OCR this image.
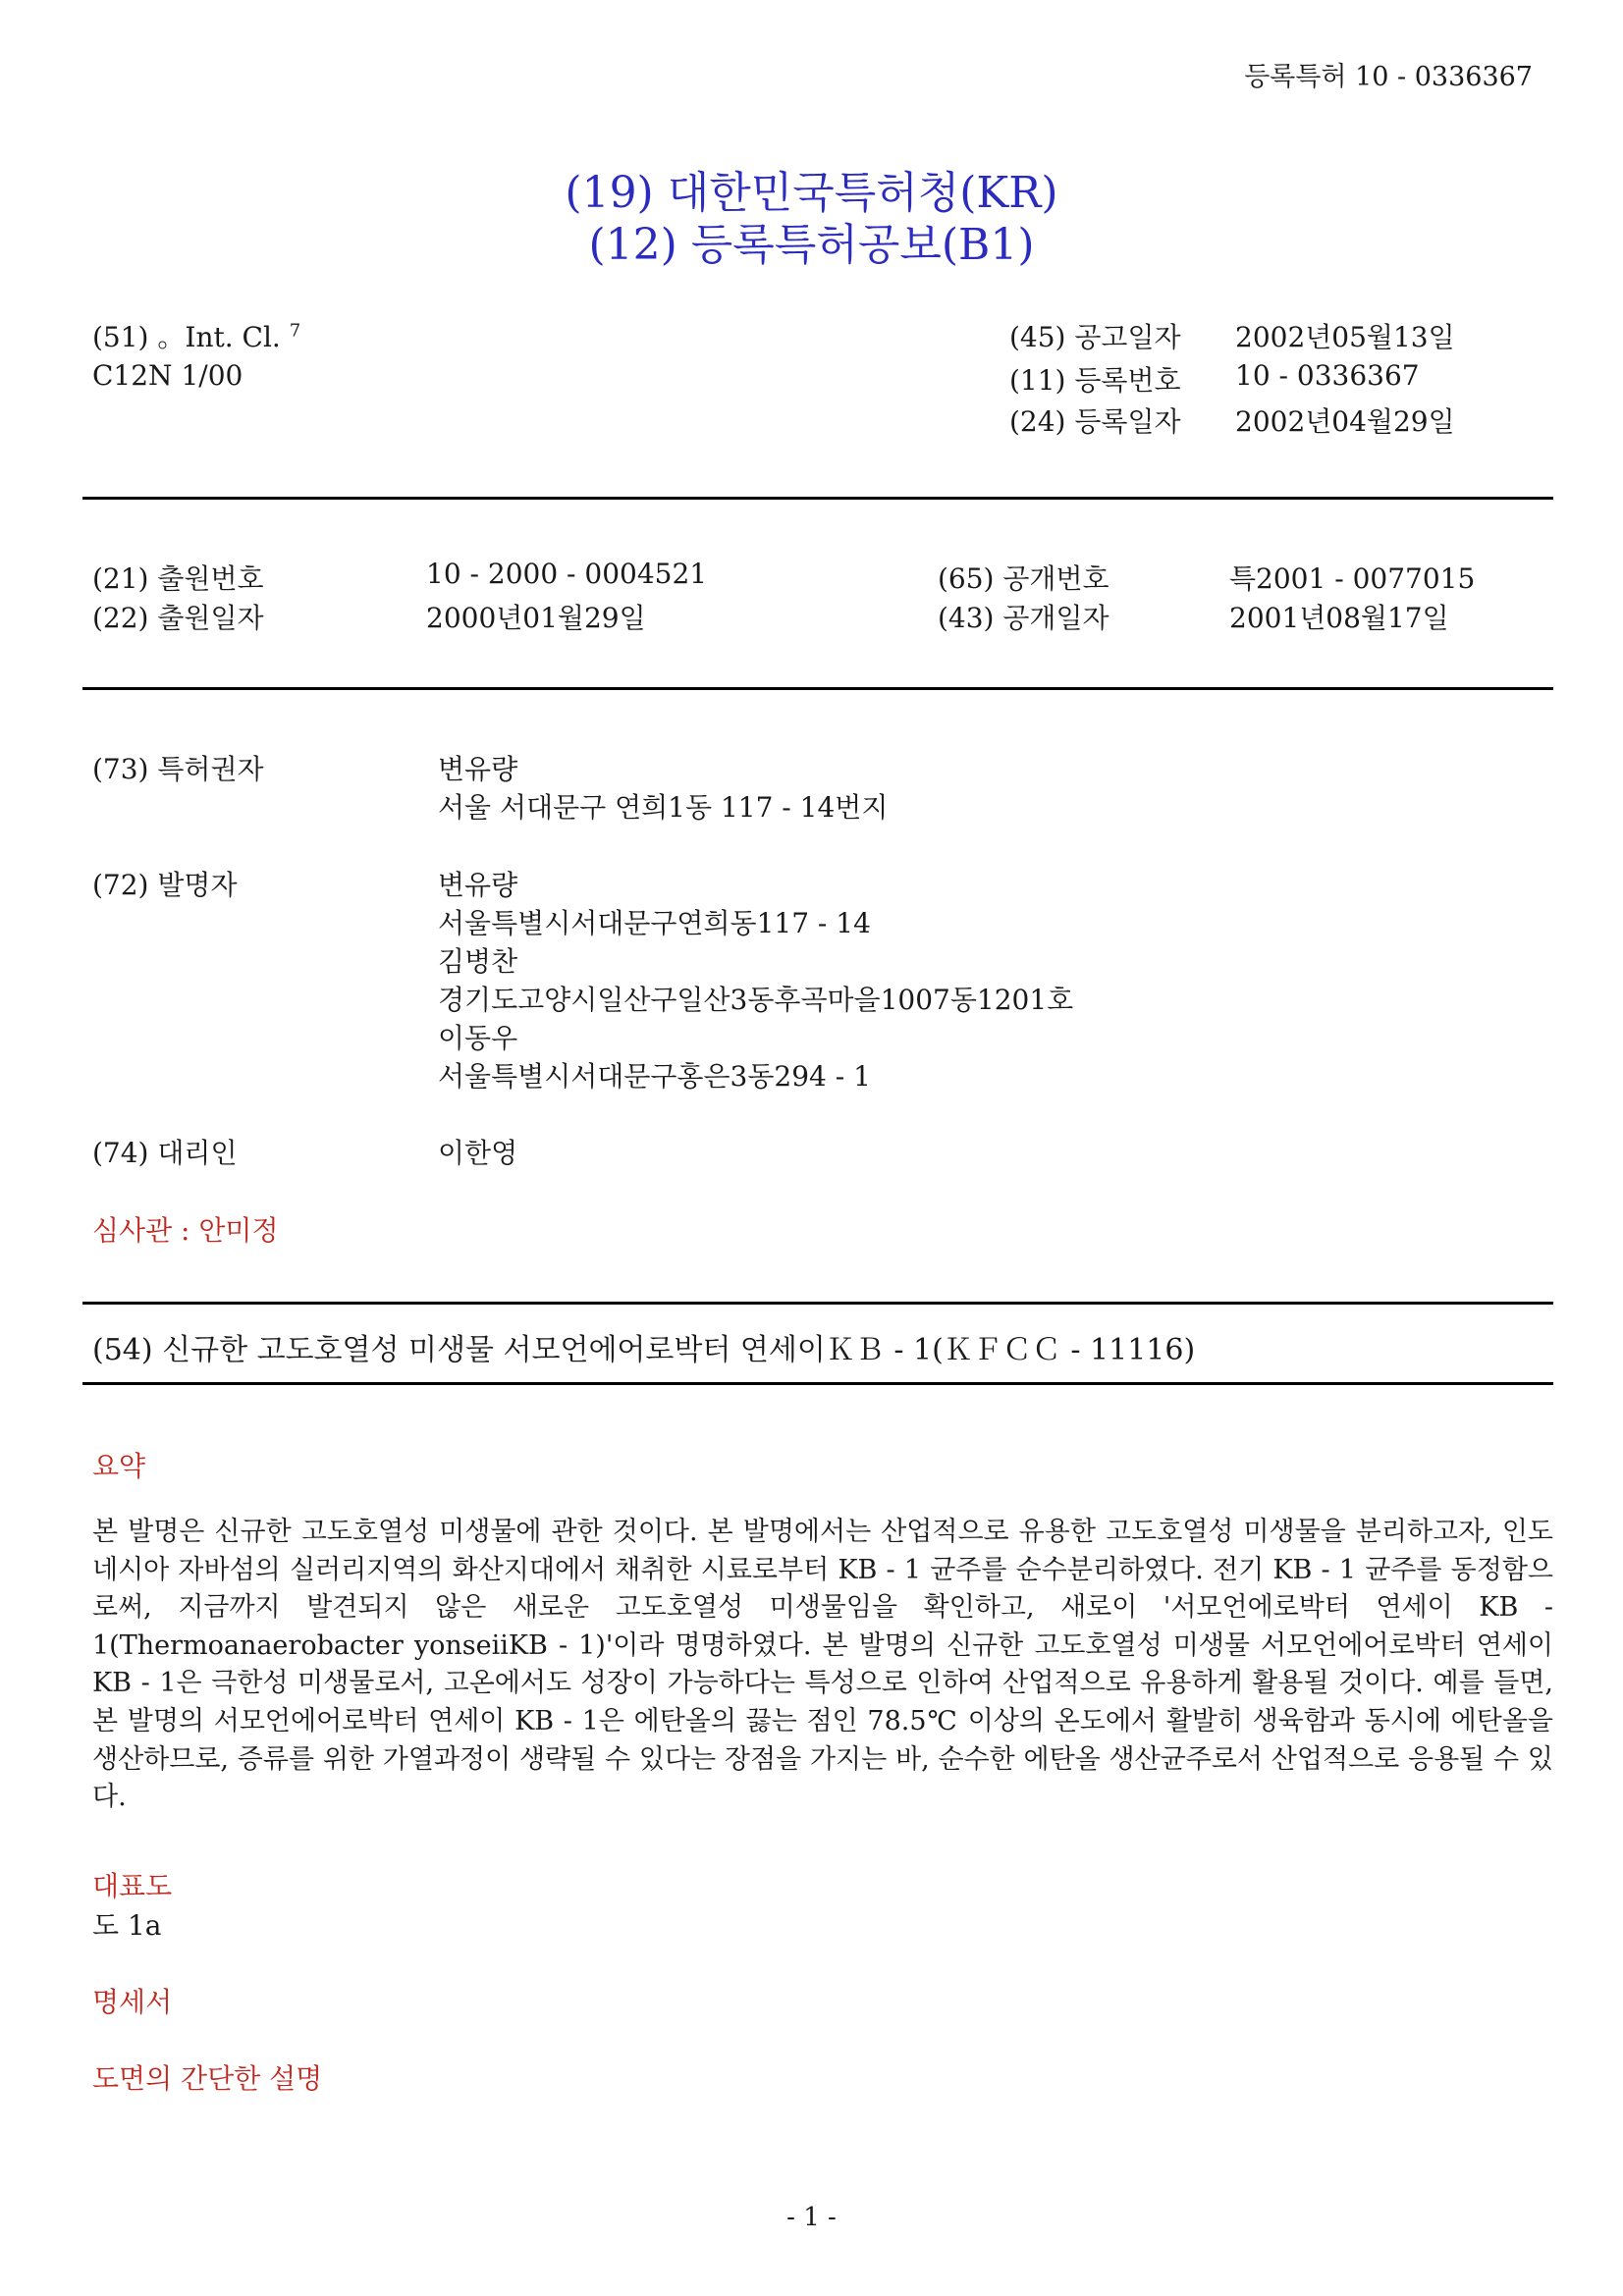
등록특허 10 - 0336367
(19) 대한민국특허청(KR)
(12) 등록특허공보(B1)
(51) 。Int. Cl. $^7$
C12N 1/00
(45) 공고일자 2002년05월13일
(11) 등록번호 10 - 0336367
(24) 등록일자 2002년04월29일
(21) 출원번호	10 - 2000 - 0004521
(22) 출원일자	2000년01월29일
(65) 공개번호	특2001 - 0077015
(43) 공개일자	2001년08월17일
(73) 특허권자	변유량
서울 서대문구 연희1동 117 - 14번지
(72) 발명자	변유량
서울특별시서대문구연희동117 - 14
김병찬
경기도고양시일산구일산3동후곡마을1007동1201호
이동우
서울특별시서대문구홍은3동294 - 1
(74) 대리인	이한영
심사관 : 안미정
(54) 신규한 고도호열성 미생물 서모언에어로박터 연세이ＫＢ - 1(ＫＦＣＣ - 11116)
요약
본 발명은 신규한 고도호열성 미생물에 관한 것이다. 본 발명에서는 산업적으로 유용한 고도호열성 미생물을 분리하고자, 인도네시아 자바섬의 실러리지역의 화산지대에서 채취한 시료로부터 KB - 1 균주를 순수분리하였다. 전기 KB - 1 균주를 동정함으로써, 지금까지 발견되지 않은 새로운 고도호열성 미생물임을 확인하고, 새로이 '서모언에로박터 연세이 KB - 1(Thermoanaerobacter yonseiiKB - 1)'이라 명명하였다. 본 발명의 신규한 고도호열성 미생물 서모언에어로박터 연세이 KB - 1은 극한성 미생물로서, 고온에서도 성장이 가능하다는 특성으로 인하여 산업적으로 유용하게 활용될 것이다. 예를 들면, 본 발명의 서모언에어로박터 연세이 KB - 1은 에탄올의 끓는 점인 78.5℃ 이상의 온도에서 활발히 생육함과 동시에 에탄올을 생산하므로, 증류를 위한 가열과정이 생략될 수 있다는 장점을 가지는 바, 순수한 에탄올 생산균주로서 산업적으로 응용될 수 있다.
대표도
도 1a
명세서
도면의 간단한 설명
- 1 -
